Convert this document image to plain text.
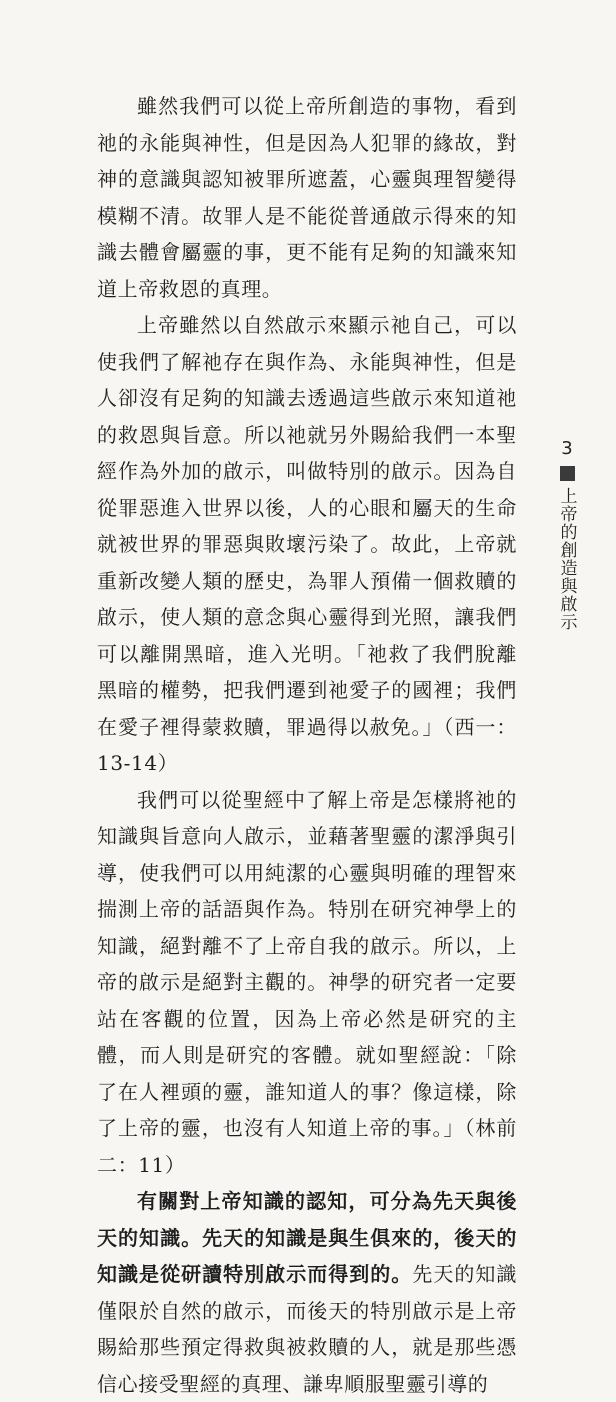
雖然我們可以從上帝所創造的事物，看到祂的永能與神性，但是因為人犯罪的緣故，對神的意識與認知被罪所遮蓋，心靈與理智變得模糊不清。故罪人是不能從普通啟示得來的知識去體會屬靈的事，更不能有足夠的知識來知道上帝救恩的真理。

上帝雖然以自然啟示來顯示祂自己，可以使我們了解祂存在與作為、永能與神性，但是人卻沒有足夠的知識去透過這些啟示來知道祂的救恩與旨意。所以祂就另外賜給我們一本聖經作為外加的啟示，叫做特別的啟示。因為自從罪惡進入世界以後，人的心眼和屬天的生命就被世界的罪惡與敗壞污染了。故此，上帝就重新改變人類的歷史，為罪人預備一個救贖的啟示，使人類的意念與心靈得到光照，讓我們可以離開黑暗，進入光明。「祂救了我們脫離黑暗的權勢，把我們遷到祂愛子的國裡；我們在愛子裡得蒙救贖，罪過得以赦免。」（西一：13-14）

我們可以從聖經中了解上帝是怎樣將祂的知識與旨意向人啟示，並藉著聖靈的潔淨與引導，使我們可以用純潔的心靈與明確的理智來揣測上帝的話語與作為。特別在研究神學上的知識，絕對離不了上帝自我的啟示。所以，上帝的啟示是絕對主觀的。神學的研究者一定要站在客觀的位置，因為上帝必然是研究的主體，而人則是研究的客體。就如聖經說：「除了在人裡頭的靈，誰知道人的事？像這樣，除了上帝的靈，也沒有人知道上帝的事。」（林前二：11）

有關對上帝知識的認知，可分為先天與後天的知識。先天的知識是與生俱來的，後天的知識是從研讀特別啟示而得到的。先天的知識僅限於自然的啟示，而後天的特別啟示是上帝賜給那些預定得救與被救贖的人，就是那些憑信心接受聖經的真理、謙卑順服聖靈引導的

3
上帝的創造與啟示
